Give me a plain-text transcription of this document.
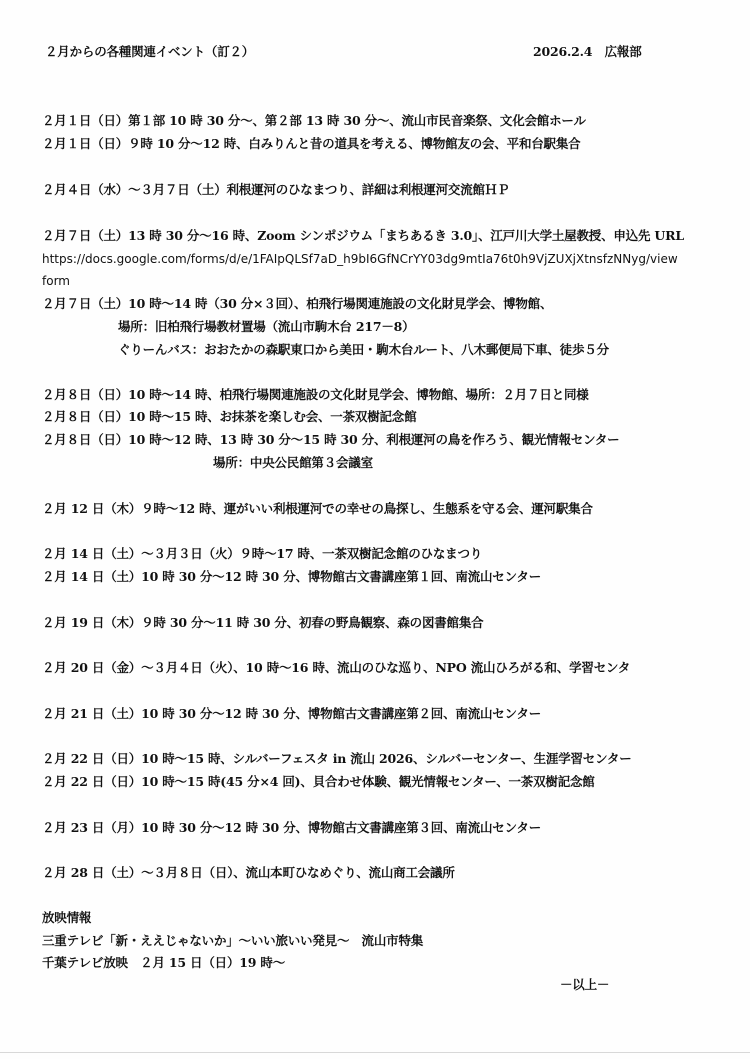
２月からの各種関連イベント（訂２）	2026.2.4　広報部
２月１日（日）第１部 10 時 30 分～、第２部 13 時 30 分～、流山市民音楽祭、文化会館ホール
２月１日（日）９時 10 分～12 時、白みりんと昔の道具を考える、博物館友の会、平和台駅集合
２月４日（水）～３月７日（土）利根運河のひなまつり、詳細は利根運河交流館ＨＰ
２月７日（土）13 時 30 分～16 時、Zoom シンポジウム「まちあるき 3.0」、江戸川大学土屋教授、申込先 URL
https://docs.google.com/forms/d/e/1FAIpQLSf7aD_h9bI6GfNCrYY03dg9mtIa76t0h9VjZUXjXtnsfzNNyg/view
form
２月７日（土）10 時～14 時（30 分×３回）、柏飛行場関連施設の文化財見学会、博物館、
場所：旧柏飛行場教材置場（流山市駒木台 217－8）
ぐりーんバス：おおたかの森駅東口から美田・駒木台ルート、八木郵便局下車、徒歩５分
２月８日（日）10 時～14 時、柏飛行場関連施設の文化財見学会、博物館、場所：２月７日と同様
２月８日（日）10 時～15 時、お抹茶を楽しむ会、一茶双樹記念館
２月８日（日）10 時～12 時、13 時 30 分～15 時 30 分、利根運河の鳥を作ろう、観光情報センター
場所：中央公民館第３会議室
２月 12 日（木）９時～12 時、運がいい利根運河での幸せの鳥探し、生態系を守る会、運河駅集合
２月 14 日（土）～３月３日（火）９時～17 時、一茶双樹記念館のひなまつり
２月 14 日（土）10 時 30 分～12 時 30 分、博物館古文書講座第１回、南流山センター
２月 19 日（木）９時 30 分～11 時 30 分、初春の野鳥観察、森の図書館集合
２月 20 日（金）～３月４日（火）、10 時～16 時、流山のひな巡り、NPO 流山ひろがる和、学習センタ
２月 21 日（土）10 時 30 分～12 時 30 分、博物館古文書講座第２回、南流山センター
２月 22 日（日）10 時～15 時、シルバーフェスタ in 流山 2026、シルバーセンター、生涯学習センター
２月 22 日（日）10 時～15 時(45 分×4 回)、貝合わせ体験、観光情報センター、一茶双樹記念館
２月 23 日（月）10 時 30 分～12 時 30 分、博物館古文書講座第３回、南流山センター
２月 28 日（土）～３月８日（日）、流山本町ひなめぐり、流山商工会議所
放映情報
三重テレビ「新・ええじゃないか」～いい旅いい発見～　流山市特集
千葉テレビ放映　２月 15 日（日）19 時～
－以上－
